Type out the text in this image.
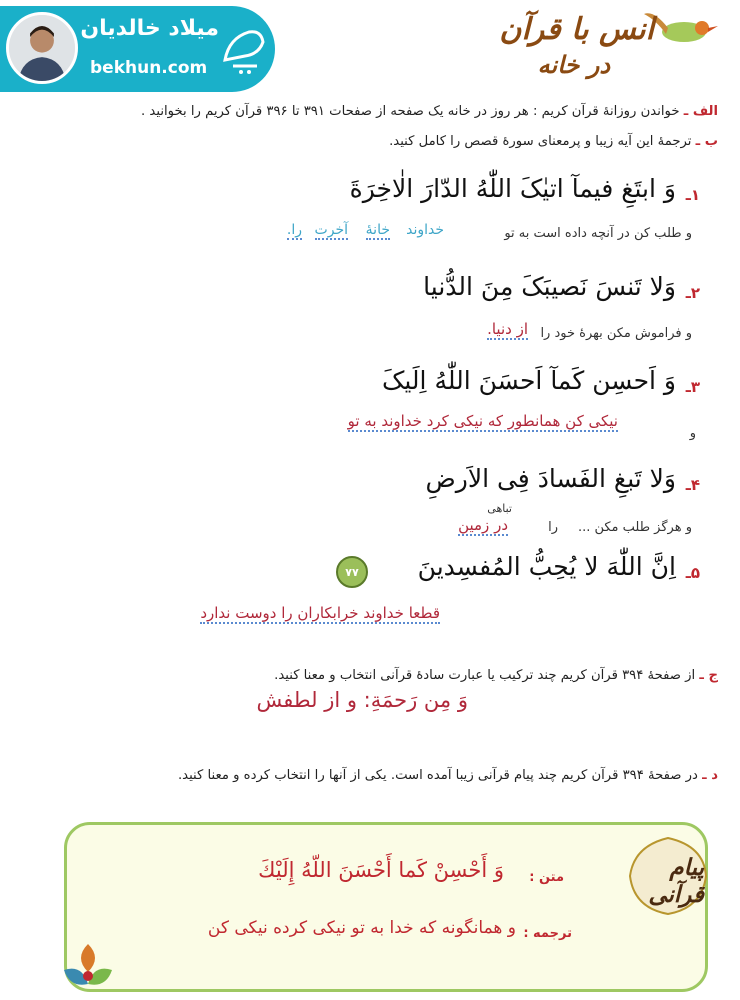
میلاد خالدیان
bekhun.com
انس با قرآن
در خانه
الف ـ خواندن روزانهٔ قرآن کریم : هر روز در خانه یک صفحه از صفحات ۳۹۱ تا ۳۹۶ قرآن کریم را بخوانید .
ب ـ ترجمهٔ این آیه زیبا و پرمعنای سورهٔ قصص را کامل کنید.
۱ـ
وَ ابتَغِ فیمآ اتیٰکَ اللّٰهُ الدّارَ الٰاخِرَةَ
و طلب کن در آنچه داده است به تو
خداوند
خانهٔ
آخرت
را.
۲ـ
وَلا تَنسَ نَصیبَکَ مِنَ الدُّنیا
و فراموش مکن بهرهٔ خود را
از دنیا.
۳ـ
وَ اَحسِن کَمآ اَحسَنَ اللّٰهُ اِلَیکَ
و
نیکی کن همانطور که نیکی کرد خداوند به تو
۴ـ
وَلا تَبغِ الفَسادَ فِی الاَرضِ
تباهی
و هرگز طلب مکن ...
را
در زمین
۵ـ
اِنَّ اللّٰهَ لا یُحِبُّ المُفسِدینَ
۷۷
قطعا خداوند خرابکاران را دوست ندارد
ج ـ از صفحهٔ ۳۹۴ قرآن کریم چند ترکیب یا عبارت سادهٔ قرآنی انتخاب و معنا کنید.
وَ مِن رَحمَةِ: و از لطفش
د ـ در صفحهٔ ۳۹۴ قرآن کریم چند پیام قرآنی زیبا آمده است. یکی از آنها را انتخاب کرده و معنا کنید.
پیام قرآنی
متن :
وَ أَحْسِنْ كَما أَحْسَنَ اللّهُ إِلَيْكَ
ترجمه :
و همانگونه که خدا به تو نیکی کرده نیکی کن
